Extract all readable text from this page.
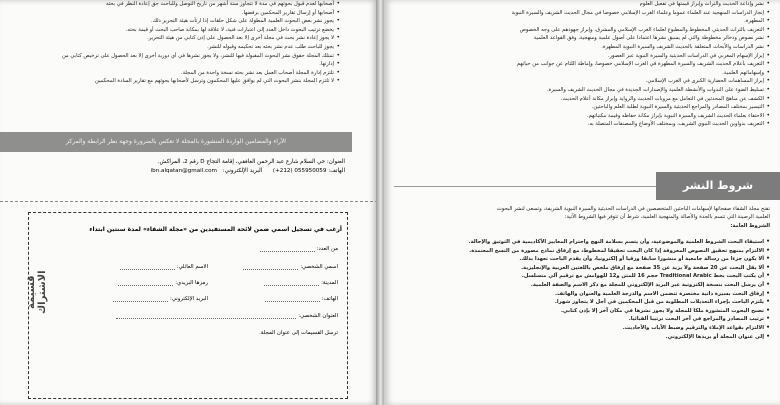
• أصحابها لعدم قبول بحوثهم في مدة لا تتجاوز ستة أشهر من تاريخ التوصل وللباحث حق إعادة النظر في بحثه
• أصحابها أو إرسال تقارير المحكمين برفضها.
• يجوز نشر بعض البحوث العلمية المطولة على شكل حلقات إذا ارتأت هيئة التحرير ذلك.
• يخضع ترتيب البحوث داخل العدد إلى اعتبارات فنية، لا علاقة لها بمكانة صاحب البحث أو قيمة بحثه.
• لا يجوز إعادة نشر بحث في مجلة أخرى إلا بعد الحصول على إذن كتابي من هيئة التحرير.
• يجوز للباحث طلب عدم نشر بحثه بعد تحكيمه وقبوله للنشر.
• تمتلك المجلة حقوق نشر البحوث المقبولة فيها للنشر، ولا يجوز نشرها في أي دورية أخرى إلا بعد الحصول على ترخيص كتابي من
• إدارتها.
• تلتزم إدارة المجلة أصحاب العمل بعد نشر بحثه نسخة واحدة من المجلة.
• لا تلتزم المجلة بنشر البحوث التي لم يوافق عليها المحكمون وترسل لأصحابها بحوثهم مع تقارير السادة المحكمين
الآراء والمضامين الواردة المنشورة بالمجلة لا تعكس بالضرورة وجهة نظر الرابطة والمركز
العنوان: حي السلام شارع عبد الرحمن الغافقي، إقامة التجاج D رقم 2، المراكش.
الهاتف: (+212) 055950059      البريد الإلكتروني: ibn.alqatan@gmail.com
قسيمة الاشتراك
أرغب في تسجيل اسمي ضمن لائحة المستفيدين من «مجلة الشفاء» لمدة سنتين ابتداء
من العدد:
اسمي الشخصي:
الاسم العائلي:
المدينة:
رمزها البريدي:
الهاتف:
البريد الإلكتروني:
العنوان الشخصي:
ترسل القسيمات إلى عنوان المجلة.
• نشر وإذاعة الحديث والتراث وإبراز قيمتها في تفعيل العلوم
• إنجاز الدراسات المنهجية عند العلماء عموما وعلماء الغرب الإسلامي خصوصا في مجال الحديث الشريف والسيرة النبوية
• المطهرة.
• التعريف بالتراث الحديثي المخطوط والمطبوع لعلماء الغرب الإسلامي والمشرق، وإبراز جهودهم على وجه الخصوص
• نشر نصوص وذخائر مخطوطة والتي لم يسبق نشرها اعتمادا على أصول علمية ومنهجية، وفق القواعد العلمية
• نشر الدراسات والأبحاث المتعلقة بالحديث الشريف والسيرة النبوية المطهرة.
• إبراز الإسهام المغربي في الدراسات الحديثية والسيرة النبوية عبر العصور.
• التعريف بأعلام الحديث الشريف والسيرة المطهرة في الغرب الإسلامي خصوصا، وإماطة اللثام عن جوانب من حياتهم
• وإسهاماتهم العلمية.
• إبراز المساهمات الحضارية الكبرى في الغرب الإسلامي.
• تسليط الضوء على الندوات والأنشطة العلمية والإصدارات الجديدة في مجال الحديث الشريف والسيرة.
• الكشف عن مناهج المحدثين في التعامل مع مرويات الحديث والرواية وإبراز مكانة أعلام الحديث.
• التيسير بمختلف المصادر والمراجع الحديثية والسيرة النبوية لطلبة العلم والباحثين.
• الاحتفاء بعلماء الحديث الشريف والسيرة النبوية بإبراز مكانة حفاظه وقيمة مكتباتهم.
• التعريف بدواوين الحديث النبوي الشريف، وبمختلف الأوضاع والمصنفات المتصلة به.
شروط النشر

تفتح مجلة الشفاء صفحاتها لإسهامات الباحثين المتخصصين في الدراسات الحديثية والسيرة النبوية الشريفة، وتسعى لنشر البحوث

العلمية الرصينة التي تتسم بالجدة والأصالة والمنهجية العلمية، شرط أن تتوفر فيها الشروط الآتية:

الشروط العامة:

• استيفاء البحث الشروط العلمية والموضوعية، وأن يتسم بسلامة النهج واحترام المعايير الأكاديمية في التوثيق والإحالة.
• الالتزام بمنهج تحقيق النصوص المعروفة إذا كان البحث تحقيقا لمخطوط، مع إرفاق نماذج مصورة من النسخ المعتمدة.
• ألا يكون جزءا من رسالة جامعية أو منشورا سابقا ورقيا أو إلكترونيا، وأن يقدم الباحث تعهدا بذلك.
• ألا يقل البحث عن 20 صفحة ولا يزيد عن 35 صفحة مع إرفاق ملخص باللغتين العربية والإنجليزية.
• أن يكتب البحث بخط Traditional Arabic حجم 16 للمتن و12 للهوامش مع ترقيم آلي متسلسل.
• أن يرسل البحث بنسخة إلكترونية عبر البريد الإلكتروني للمجلة مع ذكر الاسم والصفة العلمية.
• إرفاق البحث بسيرة ذاتية مختصرة تتضمن الاسم والدرجة العلمية والعنوان والهاتف.
• يلتزم الباحث بإجراء التعديلات المطلوبة من قبل المحكمين في أجل لا يتجاوز شهرا.
• تصبح البحوث المنشورة ملكا للمجلة ولا يجوز نشرها في مكان آخر إلا بإذن كتابي.
• ترتيب المصادر والمراجع في آخر البحث ترتيبا ألفبائيا.
• الالتزام بقواعد الإملاء والترقيم وضبط الآيات والأحاديث.
• إلى عنوان المجلة أو بريدها الإلكتروني.
